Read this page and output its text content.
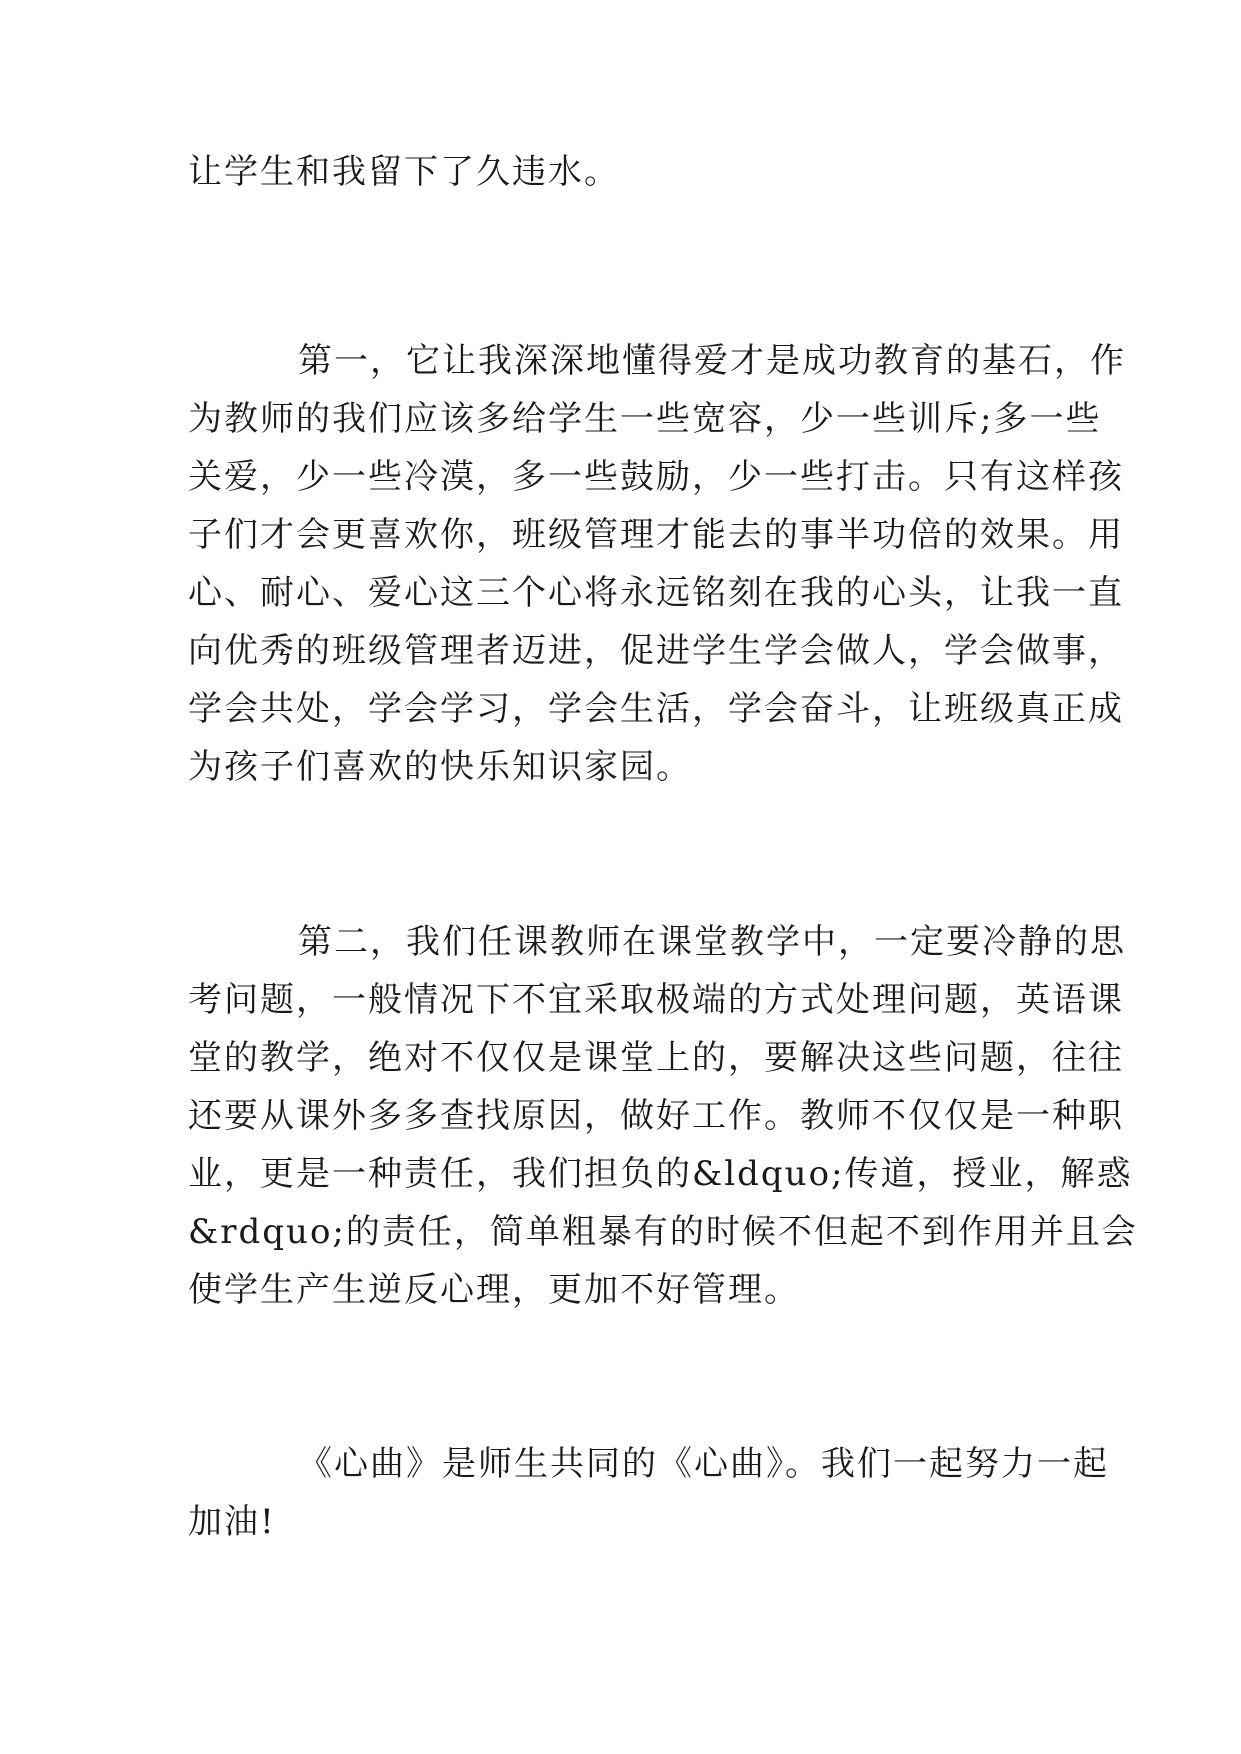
让学生和我留下了久违水。

第一，它让我深深地懂得爱才是成功教育的基石，作

为教师的我们应该多给学生一些宽容，少一些训斥;多一些

关爱，少一些冷漠，多一些鼓励，少一些打击。只有这样孩

子们才会更喜欢你，班级管理才能去的事半功倍的效果。用

心、耐心、爱心这三个心将永远铭刻在我的心头，让我一直

向优秀的班级管理者迈进，促进学生学会做人，学会做事，

学会共处，学会学习，学会生活，学会奋斗，让班级真正成

为孩子们喜欢的快乐知识家园。

第二，我们任课教师在课堂教学中，一定要冷静的思

考问题，一般情况下不宜采取极端的方式处理问题，英语课

堂的教学，绝对不仅仅是课堂上的，要解决这些问题，往往

还要从课外多多查找原因，做好工作。教师不仅仅是一种职

业，更是一种责任，我们担负的&ldquo;传道，授业，解惑

&rdquo;的责任，简单粗暴有的时候不但起不到作用并且会

使学生产生逆反心理，更加不好管理。

《心曲》是师生共同的《心曲》。我们一起努力一起

加油!
